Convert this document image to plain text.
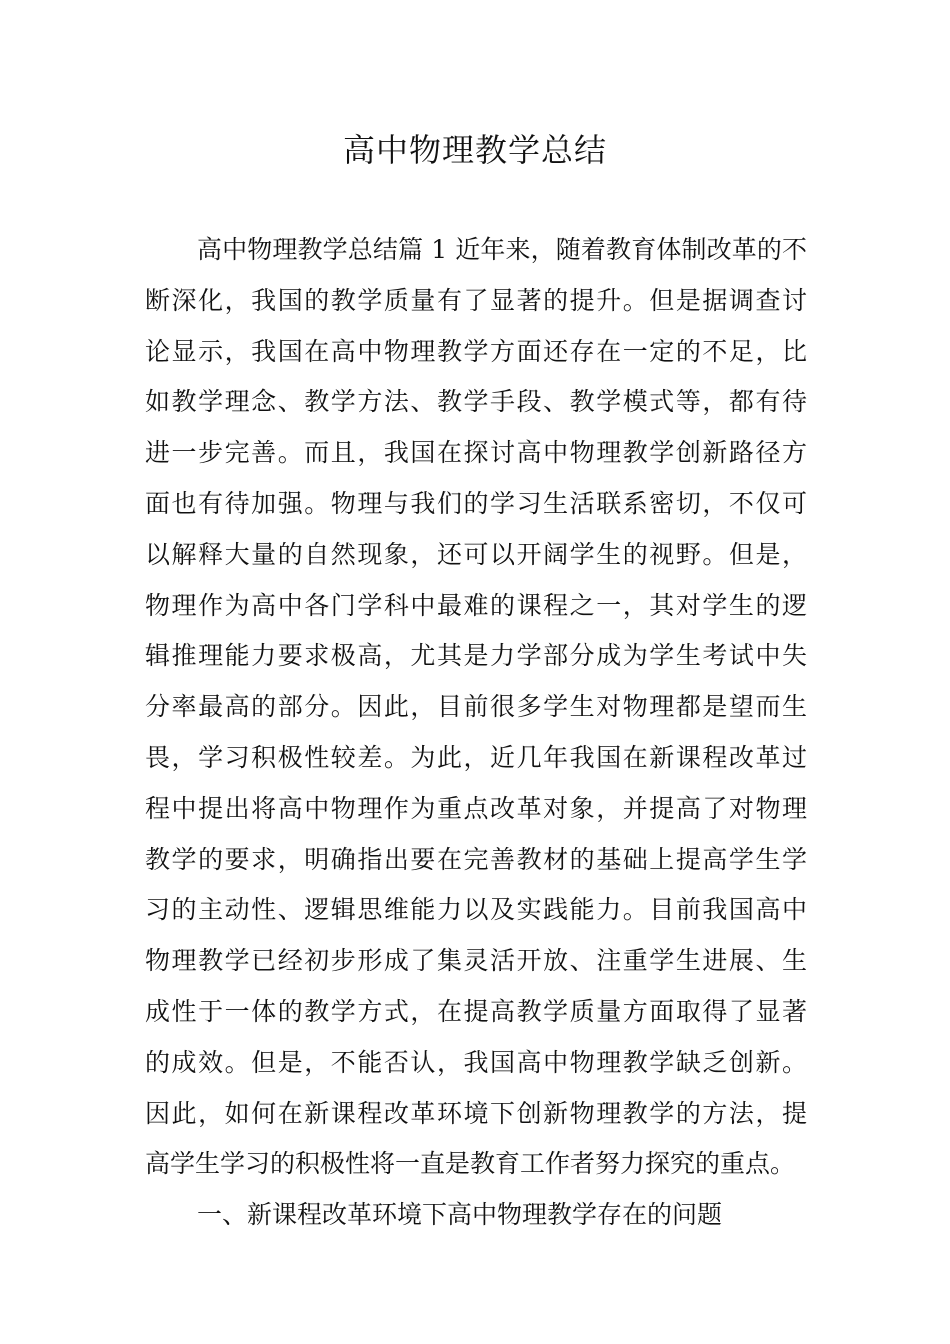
高中物理教学总结
高中物理教学总结篇 1 近年来，随着教育体制改革的不
断深化，我国的教学质量有了显著的提升。但是据调查讨
论显示，我国在高中物理教学方面还存在一定的不足，比
如教学理念、教学方法、教学手段、教学模式等，都有待
进一步完善。而且，我国在探讨高中物理教学创新路径方
面也有待加强。物理与我们的学习生活联系密切，不仅可
以解释大量的自然现象，还可以开阔学生的视野。但是，
物理作为高中各门学科中最难的课程之一，其对学生的逻
辑推理能力要求极高，尤其是力学部分成为学生考试中失
分率最高的部分。因此，目前很多学生对物理都是望而生
畏，学习积极性较差。为此，近几年我国在新课程改革过
程中提出将高中物理作为重点改革对象，并提高了对物理
教学的要求，明确指出要在完善教材的基础上提高学生学
习的主动性、逻辑思维能力以及实践能力。目前我国高中
物理教学已经初步形成了集灵活开放、注重学生进展、生
成性于一体的教学方式，在提高教学质量方面取得了显著
的成效。但是，不能否认，我国高中物理教学缺乏创新。
因此，如何在新课程改革环境下创新物理教学的方法，提
高学生学习的积极性将一直是教育工作者努力探究的重点。
一、新课程改革环境下高中物理教学存在的问题
